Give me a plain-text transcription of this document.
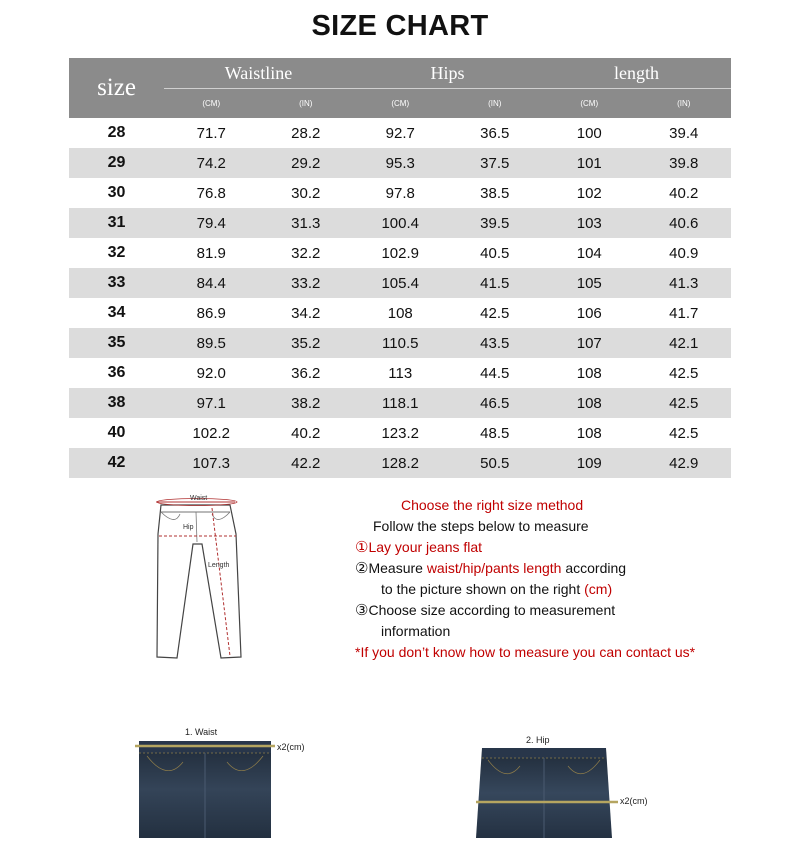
SIZE CHART
size	Waistline		Hips		length	
	(CM)	(IN)	(CM)	(IN)	(CM)	(IN)
28	71.7	28.2	92.7	36.5	100	39.4
29	74.2	29.2	95.3	37.5	101	39.8
30	76.8	30.2	97.8	38.5	102	40.2
31	79.4	31.3	100.4	39.5	103	40.6
32	81.9	32.2	102.9	40.5	104	40.9
33	84.4	33.2	105.4	41.5	105	41.3
34	86.9	34.2	108	42.5	106	41.7
35	89.5	35.2	110.5	43.5	107	42.1
36	92.0	36.2	113	44.5	108	42.5
38	97.1	38.2	118.1	46.5	108	42.5
40	102.2	40.2	123.2	48.5	108	42.5
42	107.3	42.2	128.2	50.5	109	42.9
Waist
Hip
Length
Choose the right size method
Follow the steps below to measure
①Lay your jeans flat
②Measure waist/hip/pants length according
to the picture shown on the right (cm)
③Choose size according to measurement
information
*If you don’t know how to measure you can contact us*
1. Waist
x2(cm)
2. Hip
x2(cm)
